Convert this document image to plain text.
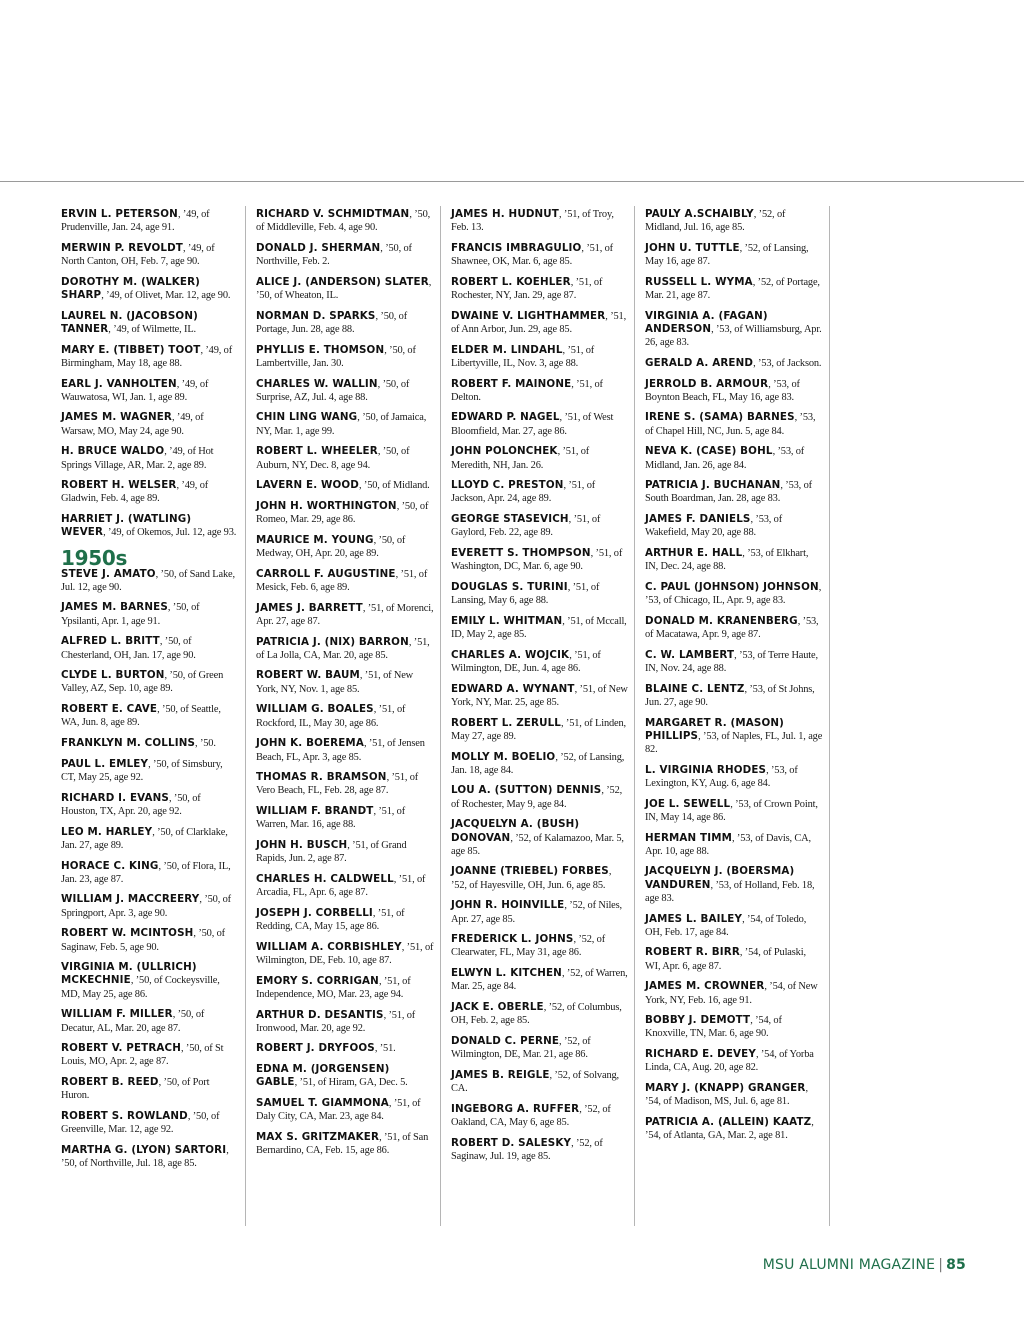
ERVIN L. PETERSON, ’49, of Prudenville, Jan. 24, age 91.

MERWIN P. REVOLDT, ’49, of North Canton, OH, Feb. 7, age 90.

DOROTHY M. (WALKER) SHARP, ’49, of Olivet, Mar. 12, age 90.

LAUREL N. (JACOBSON) TANNER, ’49, of Wilmette, IL.

MARY E. (TIBBET) TOOT, ’49, of Birmingham, May 18, age 88.

EARL J. VANHOLTEN, ’49, of Wauwatosa, WI, Jan. 1, age 89.

JAMES M. WAGNER, ’49, of Warsaw, MO, May 24, age 90.

H. BRUCE WALDO, ’49, of Hot Springs Village, AR, Mar. 2, age 89.

ROBERT H. WELSER, ’49, of Gladwin, Feb. 4, age 89.

HARRIET J. (WATLING) WEVER, ’49, of Okemos, Jul. 12, age 93.

1950s

STEVE J. AMATO, ’50, of Sand Lake, Jul. 12, age 90.

JAMES M. BARNES, ’50, of Ypsilanti, Apr. 1, age 91.

ALFRED L. BRITT, ’50, of Chesterland, OH, Jan. 17, age 90.

CLYDE L. BURTON, ’50, of Green Valley, AZ, Sep. 10, age 89.

ROBERT E. CAVE, ’50, of Seattle, WA, Jun. 8, age 89.

FRANKLYN M. COLLINS, ’50.

PAUL L. EMLEY, ’50, of Simsbury, CT, May 25, age 92.

RICHARD I. EVANS, ’50, of Houston, TX, Apr. 20, age 92.

LEO M. HARLEY, ’50, of Clarklake, Jan. 27, age 89.

HORACE C. KING, ’50, of Flora, IL, Jan. 23, age 87.

WILLIAM J. MACCREERY, ’50, of Springport, Apr. 3, age 90.

ROBERT W. MCINTOSH, ’50, of Saginaw, Feb. 5, age 90.

VIRGINIA M. (ULLRICH) MCKECHNIE, ’50, of Cockeysville, MD, May 25, age 86.

WILLIAM F. MILLER, ’50, of Decatur, AL, Mar. 20, age 87.

ROBERT V. PETRACH, ’50, of St Louis, MO, Apr. 2, age 87.

ROBERT B. REED, ’50, of Port Huron.

ROBERT S. ROWLAND, ’50, of Greenville, Mar. 12, age 92.

MARTHA G. (LYON) SARTORI, ’50, of Northville, Jul. 18, age 85.

RICHARD V. SCHMIDTMAN, ’50, of Middleville, Feb. 4, age 90.

DONALD J. SHERMAN, ’50, of Northville, Feb. 2.

ALICE J. (ANDERSON) SLATER, ’50, of Wheaton, IL.

NORMAN D. SPARKS, ’50, of Portage, Jun. 28, age 88.

PHYLLIS E. THOMSON, ’50, of Lambertville, Jan. 30.

CHARLES W. WALLIN, ’50, of Surprise, AZ, Jul. 4, age 88.

CHIN LING WANG, ’50, of Jamaica, NY, Mar. 1, age 99.

ROBERT L. WHEELER, ’50, of Auburn, NY, Dec. 8, age 94.

LAVERN E. WOOD, ’50, of Midland.

JOHN H. WORTHINGTON, ’50, of Romeo, Mar. 29, age 86.

MAURICE M. YOUNG, ’50, of Medway, OH, Apr. 20, age 89.

CARROLL F. AUGUSTINE, ’51, of Mesick, Feb. 6, age 89.

JAMES J. BARRETT, ’51, of Morenci, Apr. 27, age 87.

PATRICIA J. (NIX) BARRON, ’51, of La Jolla, CA, Mar. 20, age 85.

ROBERT W. BAUM, ’51, of New York, NY, Nov. 1, age 85.

WILLIAM G. BOALES, ’51, of Rockford, IL, May 30, age 86.

JOHN K. BOEREMA, ’51, of Jensen Beach, FL, Apr. 3, age 85.

THOMAS R. BRAMSON, ’51, of Vero Beach, FL, Feb. 28, age 87.

WILLIAM F. BRANDT, ’51, of Warren, Mar. 16, age 88.

JOHN H. BUSCH, ’51, of Grand Rapids, Jun. 2, age 87.

CHARLES H. CALDWELL, ’51, of Arcadia, FL, Apr. 6, age 87.

JOSEPH J. CORBELLI, ’51, of Redding, CA, May 15, age 86.

WILLIAM A. CORBISHLEY, ’51, of Wilmington, DE, Feb. 10, age 87.

EMORY S. CORRIGAN, ’51, of Independence, MO, Mar. 23, age 94.

ARTHUR D. DESANTIS, ’51, of Ironwood, Mar. 20, age 92.

ROBERT J. DRYFOOS, ’51.

EDNA M. (JORGENSEN) GABLE, ’51, of Hiram, GA, Dec. 5.

SAMUEL T. GIAMMONA, ’51, of Daly City, CA, Mar. 23, age 84.

MAX S. GRITZMAKER, ’51, of San Bernardino, CA, Feb. 15, age 86.

JAMES H. HUDNUT, ’51, of Troy, Feb. 13.

FRANCIS IMBRAGULIO, ’51, of Shawnee, OK, Mar. 6, age 85.

ROBERT L. KOEHLER, ’51, of Rochester, NY, Jan. 29, age 87.

DWAINE V. LIGHTHAMMER, ’51, of Ann Arbor, Jun. 29, age 85.

ELDER M. LINDAHL, ’51, of Libertyville, IL, Nov. 3, age 88.

ROBERT F. MAINONE, ’51, of Delton.

EDWARD P. NAGEL, ’51, of West Bloomfield, Mar. 27, age 86.

JOHN POLONCHEK, ’51, of Meredith, NH, Jan. 26.

LLOYD C. PRESTON, ’51, of Jackson, Apr. 24, age 89.

GEORGE STASEVICH, ’51, of Gaylord, Feb. 22, age 89.

EVERETT S. THOMPSON, ’51, of Washington, DC, Mar. 6, age 90.

DOUGLAS S. TURINI, ’51, of Lansing, May 6, age 88.

EMILY L. WHITMAN, ’51, of Mccall, ID, May 2, age 85.

CHARLES A. WOJCIK, ’51, of Wilmington, DE, Jun. 4, age 86.

EDWARD A. WYNANT, ’51, of New York, NY, Mar. 25, age 85.

ROBERT L. ZERULL, ’51, of Linden, May 27, age 89.

MOLLY M. BOELIO, ’52, of Lansing, Jan. 18, age 84.

LOU A. (SUTTON) DENNIS, ’52, of Rochester, May 9, age 84.

JACQUELYN A. (BUSH) DONOVAN, ’52, of Kalamazoo, Mar. 5, age 85.

JOANNE (TRIEBEL) FORBES, ’52, of Hayesville, OH, Jun. 6, age 85.

JOHN R. HOINVILLE, ’52, of Niles, Apr. 27, age 85.

FREDERICK L. JOHNS, ’52, of Clearwater, FL, May 31, age 86.

ELWYN L. KITCHEN, ’52, of Warren, Mar. 25, age 84.

JACK E. OBERLE, ’52, of Columbus, OH, Feb. 2, age 85.

DONALD C. PERNE, ’52, of Wilmington, DE, Mar. 21, age 86.

JAMES B. REIGLE, ’52, of Solvang, CA.

INGEBORG A. RUFFER, ’52, of Oakland, CA, May 6, age 85.

ROBERT D. SALESKY, ’52, of Saginaw, Jul. 19, age 85.

PAULY A.SCHAIBLY, ’52, of Midland, Jul. 16, age 85.

JOHN U. TUTTLE, ’52, of Lansing, May 16, age 87.

RUSSELL L. WYMA, ’52, of Portage, Mar. 21, age 87.

VIRGINIA A. (FAGAN) ANDERSON, ’53, of Williamsburg, Apr. 26, age 83.

GERALD A. AREND, ’53, of Jackson.

JERROLD B. ARMOUR, ’53, of Boynton Beach, FL, May 16, age 83.

IRENE S. (SAMA) BARNES, ’53, of Chapel Hill, NC, Jun. 5, age 84.

NEVA K. (CASE) BOHL, ’53, of Midland, Jan. 26, age 84.

PATRICIA J. BUCHANAN, ’53, of South Boardman, Jan. 28, age 83.

JAMES F. DANIELS, ’53, of Wakefield, May 20, age 88.

ARTHUR E. HALL, ’53, of Elkhart, IN, Dec. 24, age 88.

C. PAUL (JOHNSON) JOHNSON, ’53, of Chicago, IL, Apr. 9, age 83.

DONALD M. KRANENBERG, ’53, of Macatawa, Apr. 9, age 87.

C. W. LAMBERT, ’53, of Terre Haute, IN, Nov. 24, age 88.

BLAINE C. LENTZ, ’53, of St Johns, Jun. 27, age 90.

MARGARET R. (MASON) PHILLIPS, ’53, of Naples, FL, Jul. 1, age 82.

L. VIRGINIA RHODES, ’53, of Lexington, KY, Aug. 6, age 84.

JOE L. SEWELL, ’53, of Crown Point, IN, May 14, age 86.

HERMAN TIMM, ’53, of Davis, CA, Apr. 10, age 88.

JACQUELYN J. (BOERSMA) VANDUREN, ’53, of Holland, Feb. 18, age 83.

JAMES L. BAILEY, ’54, of Toledo, OH, Feb. 17, age 84.

ROBERT R. BIRR, ’54, of Pulaski, WI, Apr. 6, age 87.

JAMES M. CROWNER, ’54, of New York, NY, Feb. 16, age 91.

BOBBY J. DEMOTT, ’54, of Knoxville, TN, Mar. 6, age 90.

RICHARD E. DEVEY, ’54, of Yorba Linda, CA, Aug. 20, age 82.

MARY J. (KNAPP) GRANGER, ’54, of Madison, MS, Jul. 6, age 81.

PATRICIA A. (ALLEIN) KAATZ, ’54, of Atlanta, GA, Mar. 2, age 81.

MSU ALUMNI MAGAZINE | 85
